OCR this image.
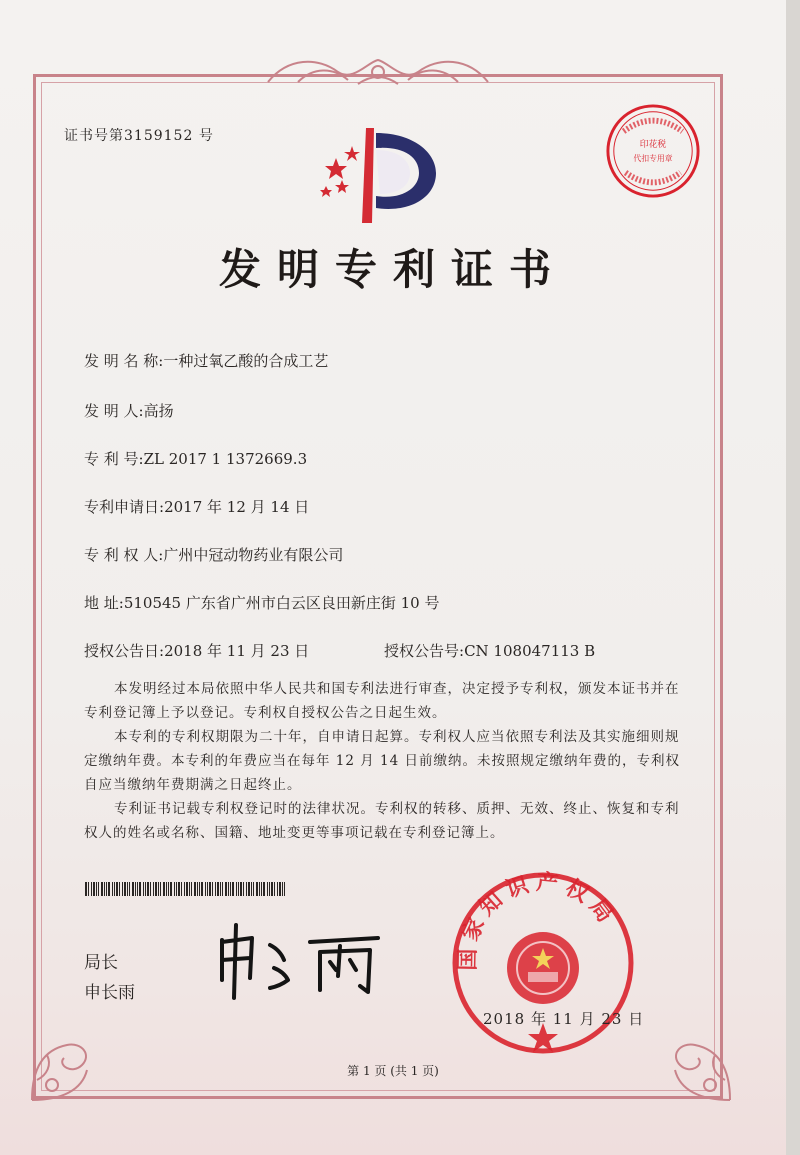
证书号第3159152 号
印花税
代扣专用章
发明专利证书
发 明 名 称:一种过氧乙酸的合成工艺
发 明 人:高扬
专 利 号:ZL 2017 1 1372669.3
专利申请日:2017 年 12 月 14 日
专 利 权 人:广州中冠动物药业有限公司
地 址:510545 广东省广州市白云区良田新庄街 10 号
授权公告日:2018 年 11 月 23 日	授权公告号:CN 108047113 B
本发明经过本局依照中华人民共和国专利法进行审查，决定授予专利权，颁发本证书并在专利登记簿上予以登记。专利权自授权公告之日起生效。
本专利的专利权期限为二十年，自申请日起算。专利权人应当依照专利法及其实施细则规定缴纳年费。本专利的年费应当在每年 12 月 14 日前缴纳。未按照规定缴纳年费的，专利权自应当缴纳年费期满之日起终止。
专利证书记载专利权登记时的法律状况。专利权的转移、质押、无效、终止、恢复和专利权人的姓名或名称、国籍、地址变更等事项记载在专利登记簿上。
局长
申长雨
国家知识产权局
2018 年 11 月 23 日
第 1 页 (共 1 页)
